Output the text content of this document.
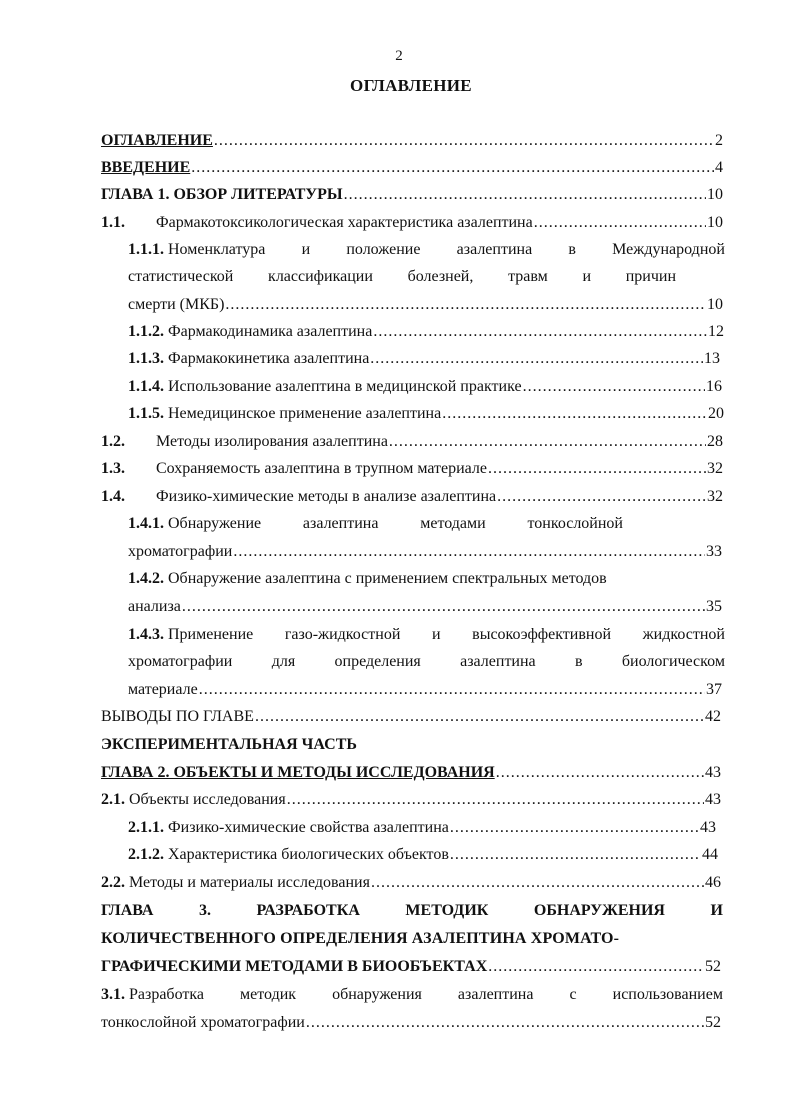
2
ОГЛАВЛЕНИЕ
ОГЛАВЛЕНИЕ .....	2
ВВЕДЕНИЕ .....	4
ГЛАВА 1. ОБЗОР ЛИТЕРАТУРЫ .....	10
1.1. Фармакотоксикологическая характеристика азалептина .....	10
1.1.1. Номенклатура и положение азалептина в Международной
статистической классификации болезней, травм и причин
смерти (МКБ) .....	10
1.1.2. Фармакодинамика азалептина .....	12
1.1.3. Фармакокинетика азалептина .....	13
1.1.4. Использование азалептина в медицинской практике .....	16
1.1.5. Немедицинское применение азалептина .....	20
1.2. Методы изолирования азалептина .....	28
1.3. Сохраняемость азалептина в трупном материале .....	32
1.4. Физико-химические методы в анализе азалептина .....	32
1.4.1. Обнаружение	азалептина	методами	тонкослойной
хроматографии .....	33
1.4.2. Обнаружение азалептина с применением спектральных методов
анализа .....	35
1.4.3. Применение газо-жидкостной и высокоэффективной жидкостной
хроматографии для определения азалептина в биологическом
материале .....	37
ВЫВОДЫ ПО ГЛАВЕ .....	42
ЭКСПЕРИМЕНТАЛЬНАЯ ЧАСТЬ
ГЛАВА 2. ОБЪЕКТЫ И МЕТОДЫ ИССЛЕДОВАНИЯ .....	43
2.1. Объекты исследования .....	43
2.1.1. Физико-химические свойства азалептина .....	43
2.1.2. Характеристика биологических объектов .....	44
2.2. Методы и материалы исследования .....	46
ГЛАВА	3.	РАЗРАБОТКА	МЕТОДИК	ОБНАРУЖЕНИЯ	И
КОЛИЧЕСТВЕННОГО ОПРЕДЕЛЕНИЯ АЗАЛЕПТИНА ХРОМАТО-
ГРАФИЧЕСКИМИ МЕТОДАМИ В БИООБЪЕКТАХ .....	52
3.1. Разработка методик обнаружения азалептина с использованием
тонкослойной хроматографии .....	52
